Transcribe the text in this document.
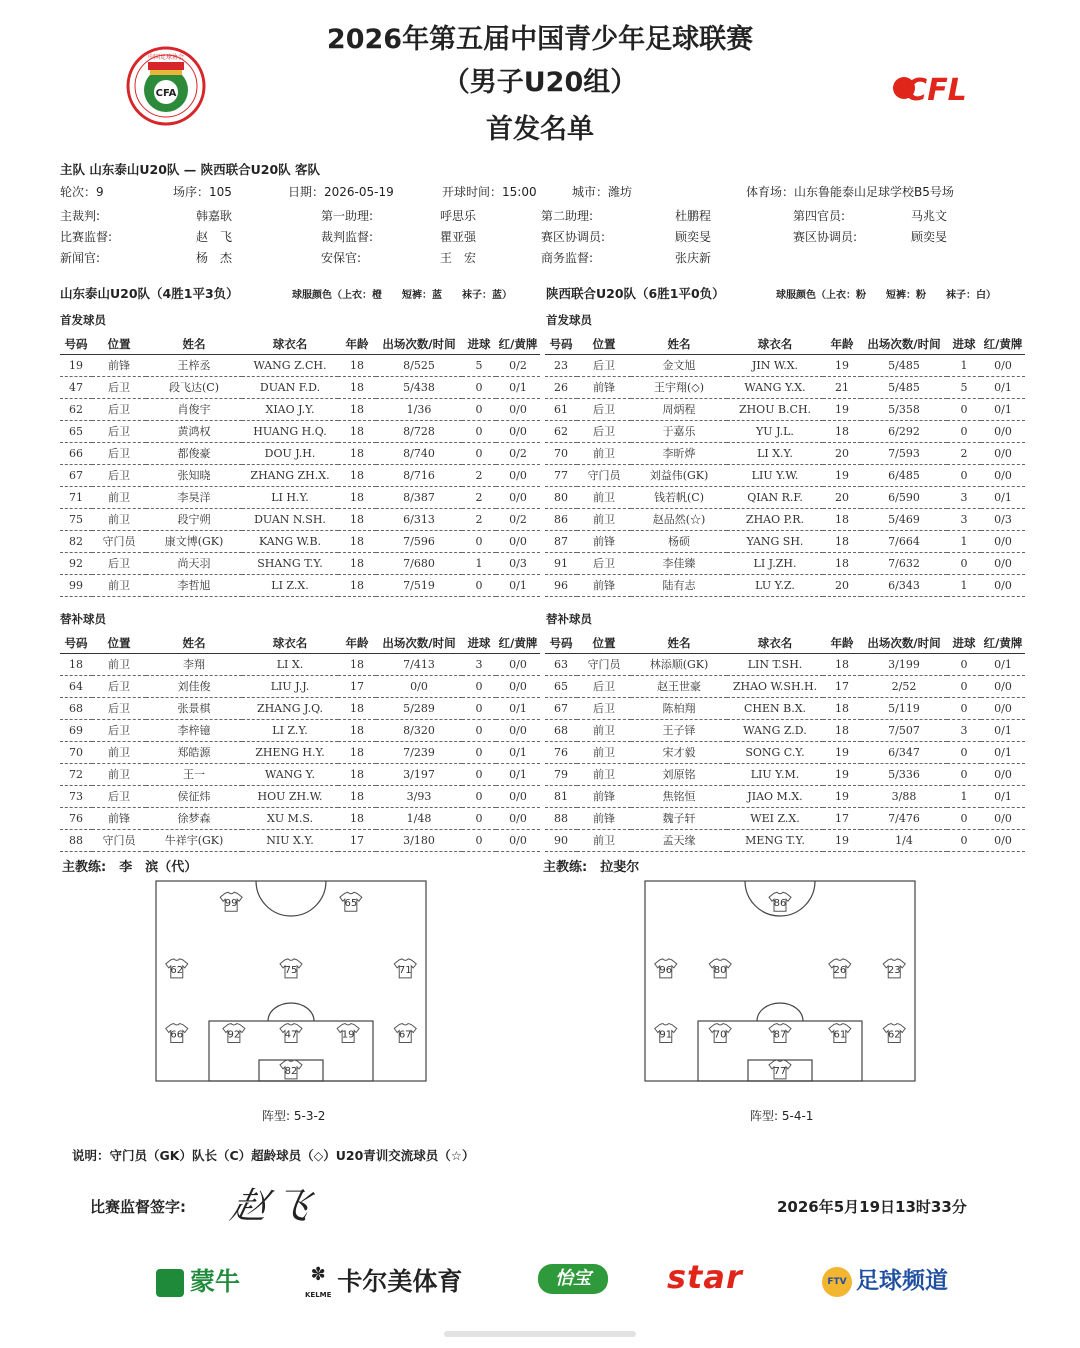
2026年第五届中国青少年足球联赛
（男子U20组）
首发名单
CFA
中国足球协会
CFL
主队 山东泰山U20队 — 陕西联合U20队 客队
轮次：9	场序：105	日期：2026-05-19	开球时间：15:00	城市：潍坊	体育场：山东鲁能泰山足球学校B5号场
主裁判:	韩嘉耿	第一助理:	呼思乐	第二助理:	杜鹏程	第四官员:	马兆文
比赛监督:	赵　飞	裁判监督:	瞿亚强	赛区协调员:	顾奕旻	赛区协调员:	顾奕旻
新闻官:	杨　杰	安保官:	王　宏	商务监督:	张庆新
山东泰山U20队（4胜1平3负）	球服颜色（上衣：橙　　短裤：蓝　　袜子：蓝）	陕西联合U20队（6胜1平0负）	球服颜色（上衣：粉　　短裤：粉　　袜子：白）
首发球员	首发球员
号码	位置	姓名	球衣名	年龄	出场次数/时间	进球	红/黄牌
19	前锋	王梓丞	WANG Z.CH.	18	8/525	5	0/2
47	后卫	段飞达(C)	DUAN F.D.	18	5/438	0	0/1
62	后卫	肖俊宇	XIAO J.Y.	18	1/36	0	0/0
65	后卫	黄鸿权	HUANG H.Q.	18	8/728	0	0/0
66	后卫	都俊豪	DOU J.H.	18	8/740	0	0/2
67	后卫	张知晓	ZHANG ZH.X.	18	8/716	2	0/0
71	前卫	李昊洋	LI H.Y.	18	8/387	2	0/0
75	前卫	段宁朔	DUAN N.SH.	18	6/313	2	0/2
82	守门员	康文博(GK)	KANG W.B.	18	7/596	0	0/0
92	后卫	尚天羽	SHANG T.Y.	18	7/680	1	0/3
99	前卫	李哲旭	LI Z.X.	18	7/519	0	0/1
号码	位置	姓名	球衣名	年龄	出场次数/时间	进球	红/黄牌
23	后卫	金文旭	JIN W.X.	19	5/485	1	0/0
26	前锋	王宇翔(◇)	WANG Y.X.	21	5/485	5	0/1
61	后卫	周炳程	ZHOU B.CH.	19	5/358	0	0/1
62	后卫	于嘉乐	YU J.L.	18	6/292	0	0/0
70	前卫	李昕烨	LI X.Y.	20	7/593	2	0/0
77	守门员	刘益伟(GK)	LIU Y.W.	19	6/485	0	0/0
80	前卫	钱若帆(C)	QIAN R.F.	20	6/590	3	0/1
86	前卫	赵品然(☆)	ZHAO P.R.	18	5/469	3	0/3
87	前锋	杨硕	YANG SH.	18	7/664	1	0/0
91	后卫	李佳臻	LI J.ZH.	18	7/632	0	0/0
96	前锋	陆有志	LU Y.Z.	20	6/343	1	0/0
替补球员	替补球员
号码	位置	姓名	球衣名	年龄	出场次数/时间	进球	红/黄牌
18	前卫	李翔	LI X.	18	7/413	3	0/0
64	后卫	刘佳俊	LIU J.J.	17	0/0	0	0/0
68	后卫	张景棋	ZHANG J.Q.	18	5/289	0	0/1
69	后卫	李梓镱	LI Z.Y.	18	8/320	0	0/0
70	前卫	郑皓源	ZHENG H.Y.	18	7/239	0	0/1
72	前卫	王一	WANG Y.	18	3/197	0	0/1
73	后卫	侯征炜	HOU ZH.W.	18	3/93	0	0/0
76	前锋	徐梦森	XU M.S.	18	1/48	0	0/0
88	守门员	牛祥宇(GK)	NIU X.Y.	17	3/180	0	0/0
号码	位置	姓名	球衣名	年龄	出场次数/时间	进球	红/黄牌
63	守门员	林添顺(GK)	LIN T.SH.	18	3/199	0	0/1
65	后卫	赵王世豪	ZHAO W.SH.H.	17	2/52	0	0/0
67	后卫	陈柏翔	CHEN B.X.	18	5/119	0	0/0
68	前卫	王子铎	WANG Z.D.	18	7/507	3	0/1
76	前卫	宋才毅	SONG C.Y.	19	6/347	0	0/1
79	前卫	刘原铭	LIU Y.M.	19	5/336	0	0/0
81	前锋	焦铭恒	JIAO M.X.	19	3/88	1	0/1
88	前锋	魏子轩	WEI Z.X.	17	7/476	0	0/0
90	前卫	孟天缘	MENG T.Y.	19	1/4	0	0/0
主教练:　李　滨（代）	主教练:　拉斐尔
99	65
62	75	71
66	92	47	19	67
82
86
96	80	26	23
91	70	87	61	62
77
阵型: 5-3-2	阵型: 5-4-1
说明：守门员（GK）队长（C）超龄球员（◇）U20青训交流球员（☆）
比赛监督签字: 赵飞	2026年5月19日13时33分
蒙牛	✽
KELME 卡尔美体育	怡宝	star	FTV 足球频道
